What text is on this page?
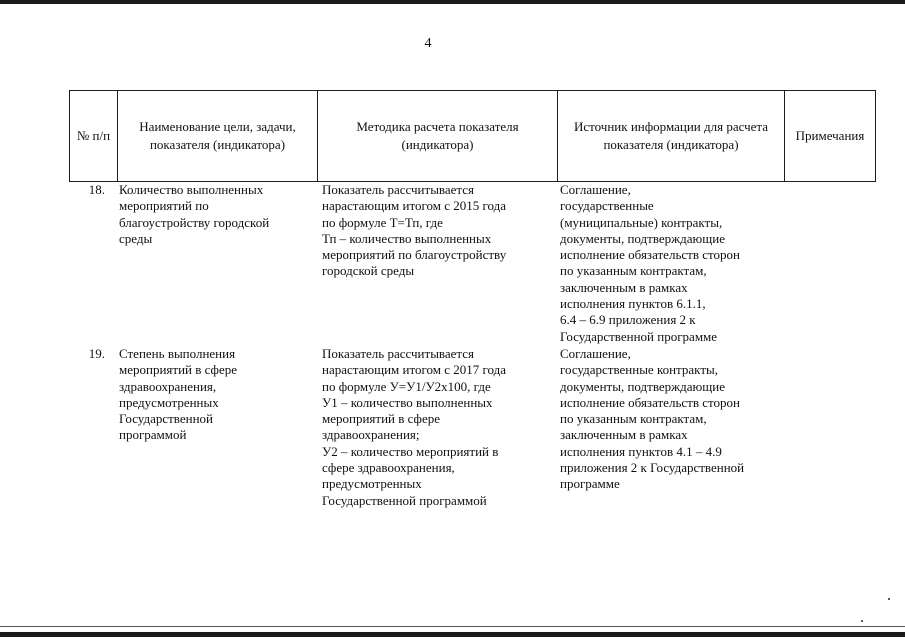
4
№ п/п
Наименование цели, задачи, показателя (индикатора)
Методика расчета показателя (индикатора)
Источник информации для расчета показателя (индикатора)
Примечания
18. Количество выполненных
мероприятий по
благоустройству городской
среды
Показатель рассчитывается
нарастающим итогом с 2015 года
по формуле Т=Тп, где
Тп – количество выполненных
мероприятий по благоустройству
городской среды
Соглашение,
государственные
(муниципальные) контракты,
документы, подтверждающие
исполнение обязательств сторон
по указанным контрактам,
заключенным в рамках
исполнения пунктов 6.1.1,
6.4 – 6.9 приложения 2 к
Государственной программе
19. Степень выполнения
мероприятий в сфере
здравоохранения,
предусмотренных
Государственной
программой
Показатель рассчитывается
нарастающим итогом с 2017 года
по формуле У=У1/У2х100, где
У1 – количество выполненных
мероприятий в сфере
здравоохранения;
У2 – количество мероприятий в
сфере здравоохранения,
предусмотренных
Государственной программой
Соглашение,
государственные контракты,
документы, подтверждающие
исполнение обязательств сторон
по указанным контрактам,
заключенным в рамках
исполнения пунктов 4.1 – 4.9
приложения 2 к Государственной
программе
